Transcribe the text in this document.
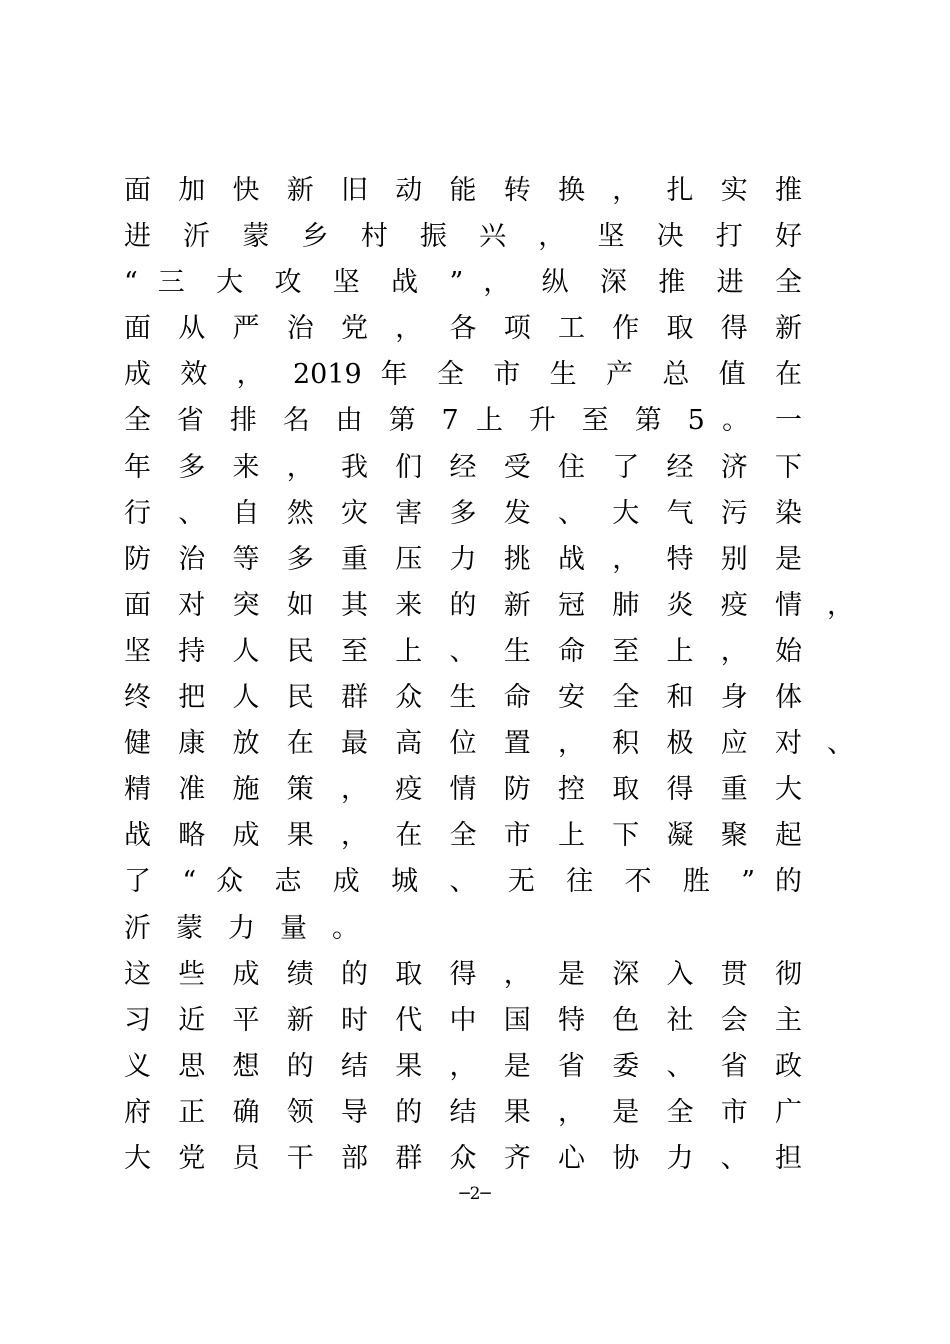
面 加 快 新 旧 动 能 转 换 ， 扎 实 推
进 沂 蒙 乡 村 振 兴 ， 坚 决 打 好
“ 三 大 攻 坚 战 ” ， 纵 深 推 进 全
面 从 严 治 党 ， 各 项 工 作 取 得 新
成 效 ， 2019 年 全 市 生 产 总 值 在
全 省 排 名 由 第 7 上 升 至 第 5 。 一
年 多 来 ， 我 们 经 受 住 了 经 济 下
行 、 自 然 灾 害 多 发 、 大 气 污 染
防 治 等 多 重 压 力 挑 战 ， 特 别 是
面 对 突 如 其 来 的 新 冠 肺 炎 疫 情 ，
坚 持 人 民 至 上 、 生 命 至 上 ， 始
终 把 人 民 群 众 生 命 安 全 和 身 体
健 康 放 在 最 高 位 置 ， 积 极 应 对 、
精 准 施 策 ， 疫 情 防 控 取 得 重 大
战 略 成 果 ， 在 全 市 上 下 凝 聚 起
了 “ 众 志 成 城 、 无 往 不 胜 ” 的
沂蒙力量。
这 些 成 绩 的 取 得 ， 是 深 入 贯 彻
习 近 平 新 时 代 中 国 特 色 社 会 主
义 思 想 的 结 果 ， 是 省 委 、 省 政
府 正 确 领 导 的 结 果 ， 是 全 市 广
大 党 员 干 部 群 众 齐 心 协 力 、 担
─2─
